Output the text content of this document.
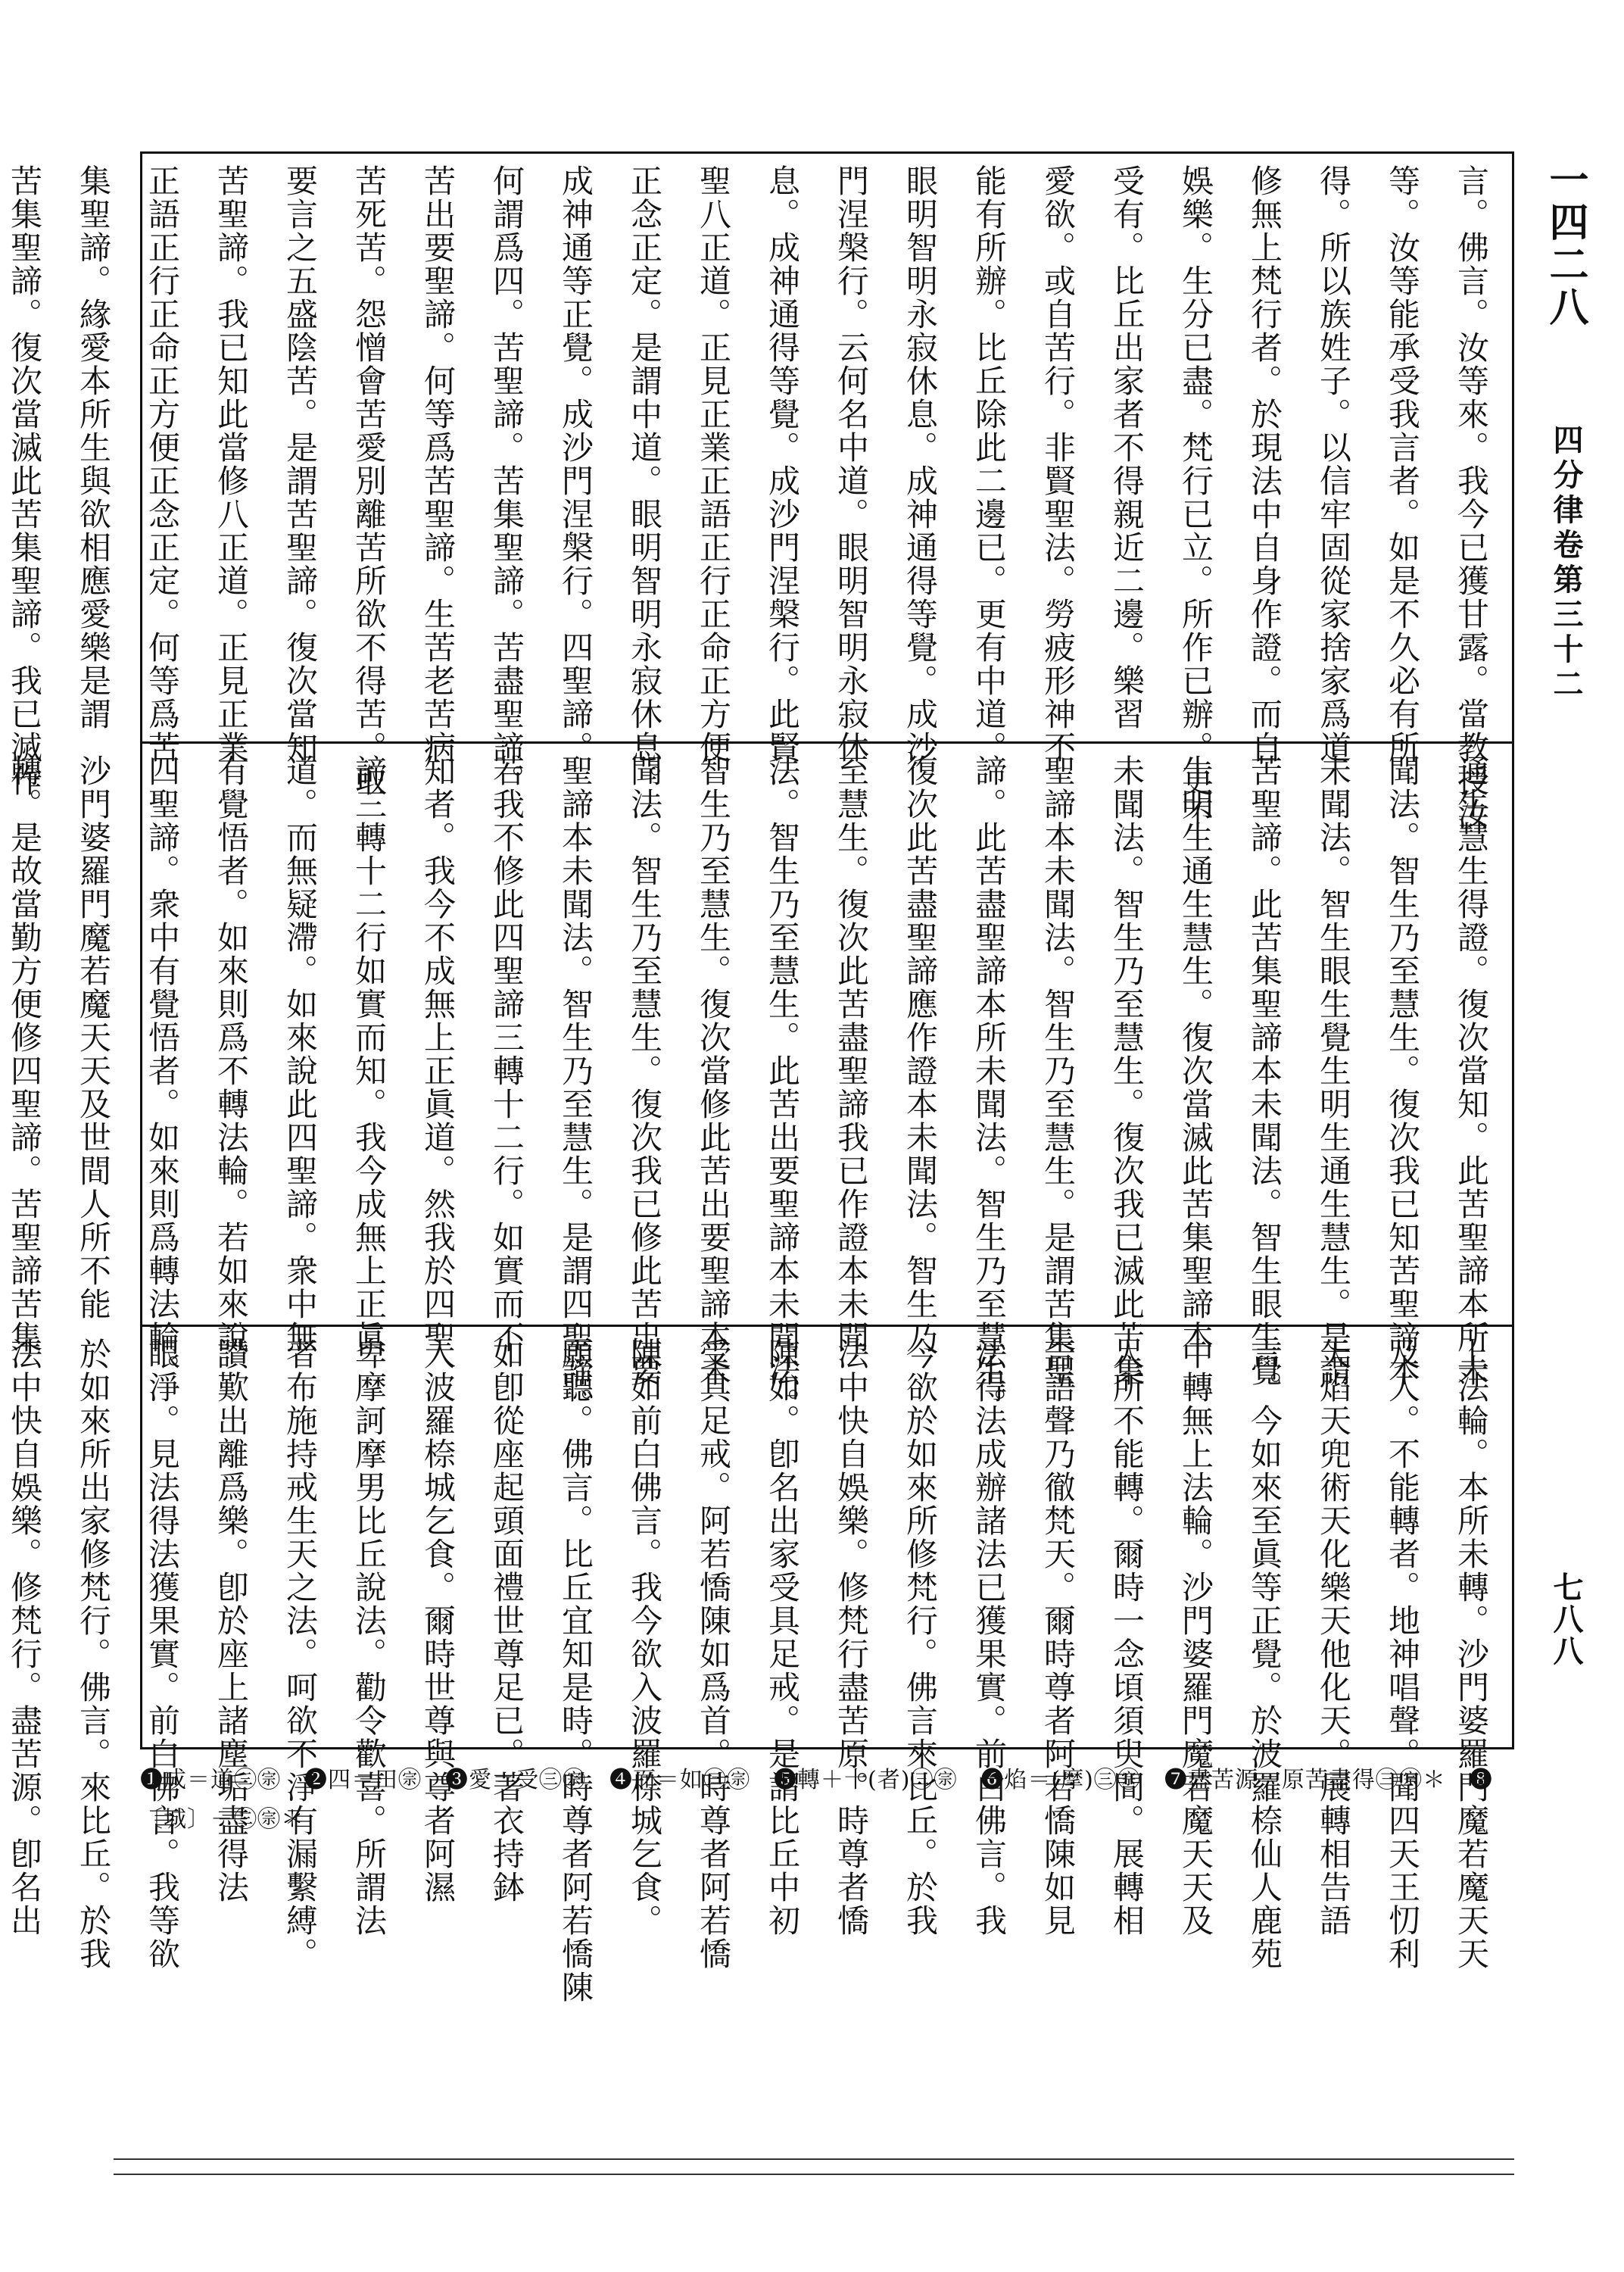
一四二八
四分律卷第三十二
七八八
言。佛言。汝等來。我今已獲甘露。當教授汝
等。汝等能承受我言者。如是不久必有所
得。所以族姓子。以信牢固從家捨家爲道
修無上梵行者。於現法中自身作證。而自
娛樂。生分已盡。梵行已立。所作已辦。更不
受有。比丘出家者不得親近二邊。樂習
愛欲。或自苦行。非賢聖法。勞疲形神不
能有所辦。比丘除此二邊已。更有中道。
眼明智明永寂休息。成神通得等覺。成沙
門涅槃行。云何名中道。眼明智明永寂休
息。成神通得等覺。成沙門涅槃行。此賢
聖八正道。正見正業正語正行正命正方便
正念正定。是謂中道。眼明智明永寂休息。
成神通等正覺。成沙門涅槃行。四聖諦。
何謂爲四。苦聖諦。苦集聖諦。苦盡聖諦。
苦出要聖諦。何等爲苦聖諦。生苦老苦病
苦死苦。怨憎會苦愛別離苦所欲不得苦。取
要言之五盛陰苦。是謂苦聖諦。復次當知
苦聖諦。我已知此當修八正道。正見正業
正語正行正命正方便正念正定。何等爲苦
集聖諦。緣愛本所生與欲相應愛樂是謂
苦集聖諦。復次當滅此苦集聖諦。我已滅作

通生慧生得證。復次當知。此苦聖諦本所未
聞法。智生乃至慧生。復次我已知苦聖諦本
未聞法。智生眼生覺生明生通生慧生。是謂
苦聖諦。此苦集聖諦本未聞法。智生眼生覺
生明生通生慧生。復次當滅此苦集聖諦本
未聞法。智生乃至慧生。復次我已滅此苦集
聖諦本未聞法。智生乃至慧生。是謂苦集聖
諦。此苦盡聖諦本所未聞法。智生乃至慧生。
復次此苦盡聖諦應作證本未聞法。智生乃
至慧生。復次此苦盡聖諦我已作證本未聞
法。智生乃至慧生。此苦出要聖諦本未聞法。
智生乃至慧生。復次當修此苦出要聖諦本未
聞法。智生乃至慧生。復次我已修此苦出要
聖諦本未聞法。智生乃至慧生。是謂四聖諦。
若我不修此四聖諦三轉十二行。如實而不
知者。我今不成無上正眞道。然我於四聖
諦三轉十二行如實而知。我今成無上正眞
道。而無疑滯。如來說此四聖諦。衆中無
有覺悟者。如來則爲不轉法輪。若如來說
四聖諦。衆中有覺悟者。如來則爲轉法輪。
沙門婆羅門魔若魔天天及世間人所不能
轉。是故當勤方便修四聖諦。苦聖諦苦集

上法輪。本所未轉。沙門婆羅門魔若魔天天
及人。不能轉者。地神唱聲。聞四天王忉利
天焰天兜術天化樂天他化天。展轉相告語
言。今如來至眞等正覺。於波羅㮈仙人鹿苑
中轉無上法輪。沙門婆羅門魔若魔天天及
人所不能轉。爾時一念頃須臾間。展轉相
告語聲乃徹梵天。爾時尊者阿若憍陳如見
法得法成辦諸法已獲果實。前白佛言。我
今欲於如來所修梵行。佛言來比丘。於我
法中快自娛樂。修梵行盡苦原。時尊者憍
陳如。卽名出家受具足戒。是謂比丘中初
受具足戒。阿若憍陳如爲首。時尊者阿若憍
陳如前白佛言。我今欲入波羅㮈城乞食。
願聽。佛言。比丘宜知是時。時尊者阿若憍陳
如卽從座起頭面禮世尊足已。著衣持鉢
入波羅㮈城乞食。爾時世尊與尊者阿濕
卑摩訶摩男比丘說法。勸令歡喜。所謂法
者布施持戒生天之法。呵欲不淨有漏繫縛。
讃歎出離爲樂。卽於座上諸塵垢盡得法
眼淨。見法得法獲果實。前白佛言。我等欲
於如來所出家修梵行。佛言。來比丘。於我
法中快自娛樂。修梵行。盡苦源。卽名出	❶成＝道㊂㊪　❷四＝田㊪　❸愛＝受㊂㊪　❹而＝如㊂㊪　❺轉＋十(者)㊂㊪　❻焰＝(摩)㊂㊪　❼盡苦源＝原苦盡得㊂㊪＊　❽〔城〕－㊂㊪＊
